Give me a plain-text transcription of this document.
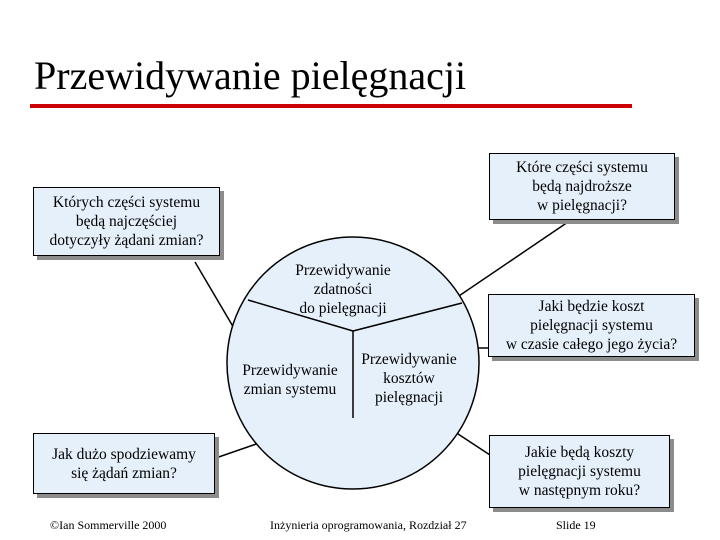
Przewidywanie pielęgnacji
Przewidywanie
zdatności
do pielęgnacji
Przewidywanie
zmian systemu
Przewidywanie
kosztów
pielęgnacji
Których części systemu
będą najczęściej
dotyczyły żądani zmian?
Które części systemu
będą najdroższe
w pielęgnacji?
Jaki będzie koszt
pielęgnacji systemu
w czasie całego jego życia?
Jak dużo spodziewamy
się żądań zmian?
Jakie będą koszty
pielęgnacji systemu
w następnym roku?
©Ian Sommerville 2000	Inżynieria oprogramowania, Rozdział 27	Slide 19
